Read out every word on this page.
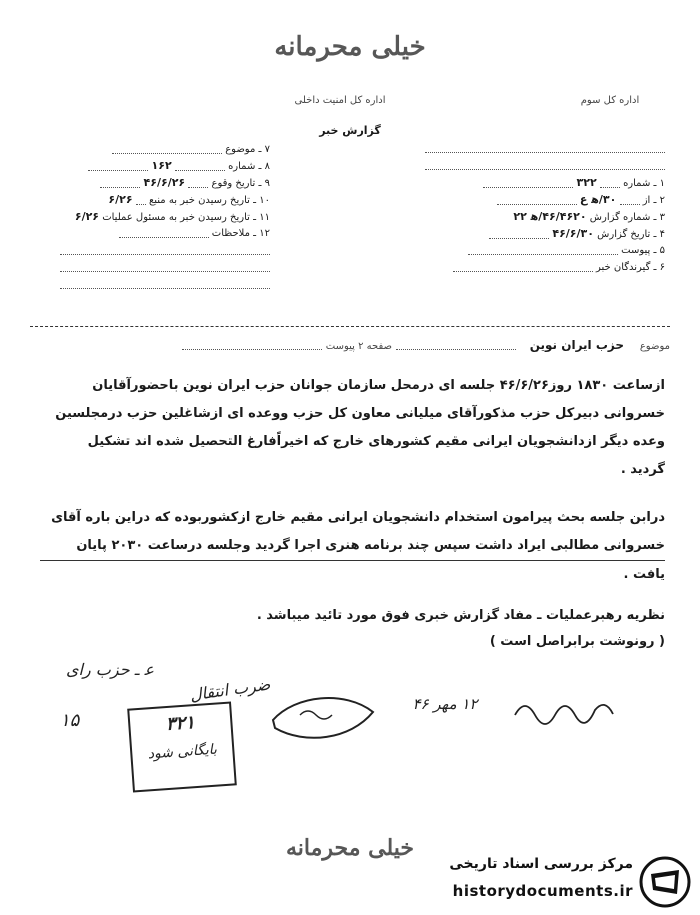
خیلی محرمانه
اداره کل امنیت داخلی	اداره کل سوم
گزارش خبر
۷ ـ موضوع
۸ ـ شماره  ۱۶۲
۹ ـ تاریخ وقوع  ۴۶/۶/۲۶
۱۰ ـ تاریخ رسیدن خبر به منبع  ۶/۲۶
۱۱ ـ تاریخ رسیدن خبر به مسئول عملیات ۶/۲۶
۱۲ ـ ملاحظات
۱ ـ شماره  ۳۲۲
۲ ـ از  ۳۰/ه‍ ع
۳ ـ شماره گزارش ۴۶/۴۶۲۰/ه‍ ۲۲
۴ ـ تاریخ گزارش ۴۶/۶/۳۰
۵ ـ پیوست
۶ ـ گیرندگان خبر
موضوع حزب ایران نوین  صفحه ۲ پیوست
ازساعت ۱۸۳۰ روز۴۶/۶/۲۶ جلسه ای درمحل سازمان جوانان حزب ایران نوین باحضورآقایان
خسروانی دبیرکل حزب مذکورآقای میلیانی معاون کل حزب ووعده ای ازشاغلین حزب درمجلسین
وعده دیگر ازدانشجویان ایرانی مقیم کشورهای خارج که اخیراًفارغ التحصیل شده اند تشکیل
گردید .
درابن جلسه بحث پیرامون استخدام دانشجویان ایرانی مقیم خارج ازکشوربوده که دراین باره آقای
خسروانی مطالبی ایراد داشت سپس چند برنامه هنری اجرا گردید وجلسه درساعت ۲۰۳۰ پایان
یافت .
نظریه رهبرعملیات ـ مفاد گزارش خبری فوق مورد تائید میباشد .
( رونوشت برابراصل است )
ع‍ ـ حزب رای
۱۵	۳۲۱
بایگانی شود
ضرب انتقال	۱۲ مهر ۴۶
خیلی محرمانه
مرکز بررسی اسناد تاریخی
historydocuments.ir
